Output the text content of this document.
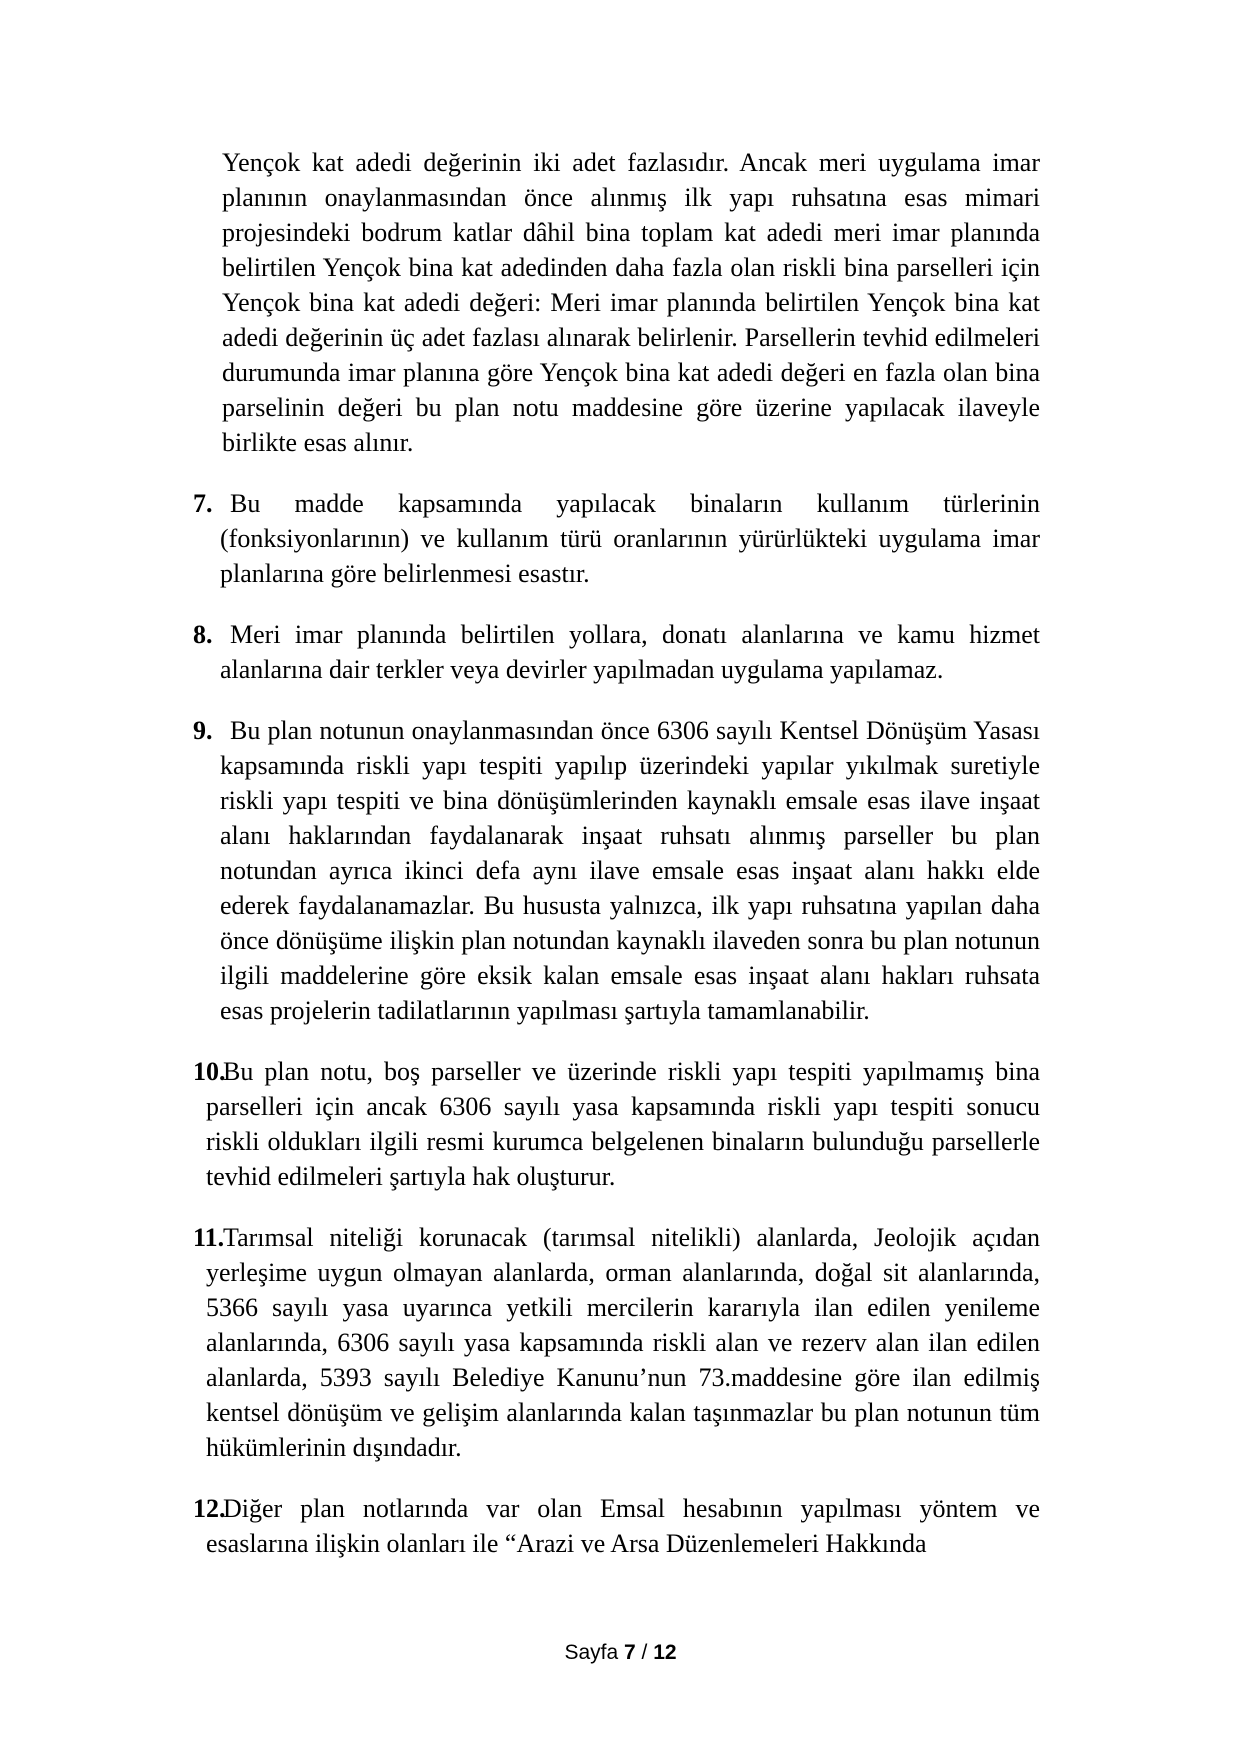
Yençok kat adedi değerinin iki adet fazlasıdır. Ancak meri uygulama imar planının onaylanmasından önce alınmış ilk yapı ruhsatına esas mimari projesindeki bodrum katlar dâhil bina toplam kat adedi meri imar planında belirtilen Yençok bina kat adedinden daha fazla olan riskli bina parselleri için Yençok bina kat adedi değeri: Meri imar planında belirtilen Yençok bina kat adedi değerinin üç adet fazlası alınarak belirlenir. Parsellerin tevhid edilmeleri durumunda imar planına göre Yençok bina kat adedi değeri en fazla olan bina parselinin değeri bu plan notu maddesine göre üzerine yapılacak ilaveyle birlikte esas alınır.

7. Bu madde kapsamında yapılacak binaların kullanım türlerinin (fonksiyonlarının) ve kullanım türü oranlarının yürürlükteki uygulama imar planlarına göre belirlenmesi esastır.
8. Meri imar planında belirtilen yollara, donatı alanlarına ve kamu hizmet alanlarına dair terkler veya devirler yapılmadan uygulama yapılamaz.
9. Bu plan notunun onaylanmasından önce 6306 sayılı Kentsel Dönüşüm Yasası kapsamında riskli yapı tespiti yapılıp üzerindeki yapılar yıkılmak suretiyle riskli yapı tespiti ve bina dönüşümlerinden kaynaklı emsale esas ilave inşaat alanı haklarından faydalanarak inşaat ruhsatı alınmış parseller bu plan notundan ayrıca ikinci defa aynı ilave emsale esas inşaat alanı hakkı elde ederek faydalanamazlar. Bu hususta yalnızca, ilk yapı ruhsatına yapılan daha önce dönüşüme ilişkin plan notundan kaynaklı ilaveden sonra bu plan notunun ilgili maddelerine göre eksik kalan emsale esas inşaat alanı hakları ruhsata esas projelerin tadilatlarının yapılması şartıyla tamamlanabilir.
10.
Bu plan notu, boş parseller ve üzerinde riskli yapı tespiti yapılmamış bina parselleri için ancak 6306 sayılı yasa kapsamında riskli yapı tespiti sonucu riskli oldukları ilgili resmi kurumca belgelenen binaların bulunduğu parsellerle tevhid edilmeleri şartıyla hak oluşturur.
11.
Tarımsal niteliği korunacak (tarımsal nitelikli) alanlarda, Jeolojik açıdan yerleşime uygun olmayan alanlarda, orman alanlarında, doğal sit alanlarında, 5366 sayılı yasa uyarınca yetkili mercilerin kararıyla ilan edilen yenileme alanlarında, 6306 sayılı yasa kapsamında riskli alan ve rezerv alan ilan edilen alanlarda, 5393 sayılı Belediye Kanunu’nun 73.maddesine göre ilan edilmiş kentsel dönüşüm ve gelişim alanlarında kalan taşınmazlar bu plan notunun tüm hükümlerinin dışındadır.
12.
Diğer plan notlarında var olan Emsal hesabının yapılması yöntem ve esaslarına ilişkin olanları ile “Arazi ve Arsa Düzenlemeleri Hakkında
Sayfa 7 / 12
